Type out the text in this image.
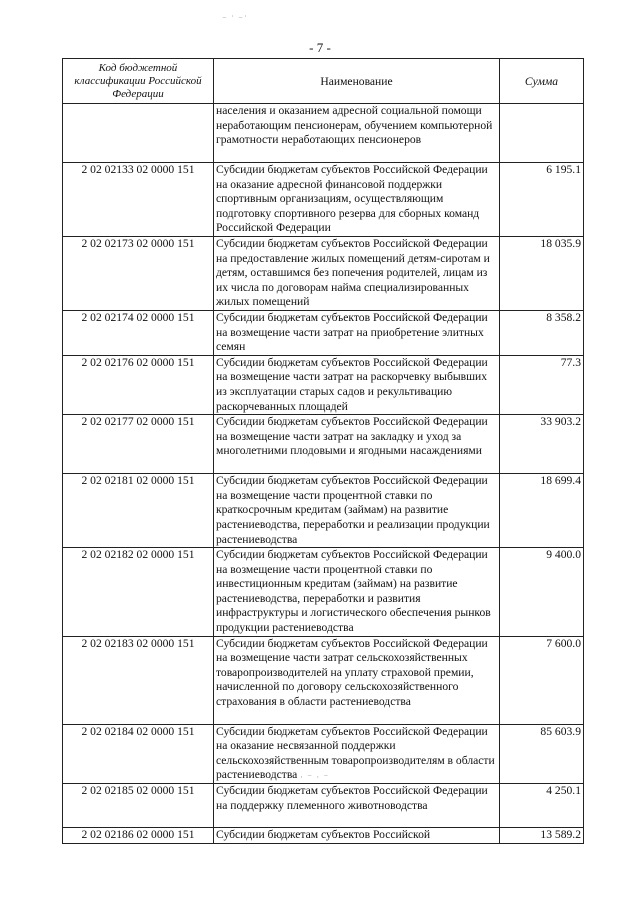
⁻ ˙ ⁻˙
- 7 -
Код бюджетной классификации Российской Федерации	Наименование	Сумма
	населения и оказанием адресной социальной помощи неработающим пенсионерам, обучением компьютерной грамотности неработающих пенсионеров	
2 02 02133 02 0000 151	Субсидии бюджетам субъектов Российской Федерации на оказание адресной финансовой поддержки спортивным организациям, осуществляющим подготовку спортивного резерва для сборных команд Российской Федерации	6 195.1
2 02 02173 02 0000 151	Субсидии бюджетам субъектов Российской Федерации на предоставление жилых помещений детям-сиротам и детям, оставшимся без попечения родителей, лицам из их числа по договорам найма специализированных жилых помещений	18 035.9
2 02 02174 02 0000 151	Субсидии бюджетам субъектов Российской Федерации на возмещение части затрат на приобретение элитных семян	8 358.2
2 02 02176 02 0000 151	Субсидии бюджетам субъектов Российской Федерации на возмещение части затрат на раскорчевку выбывших из эксплуатации старых садов и рекультивацию раскорчеванных площадей	77.3
2 02 02177 02 0000 151	Субсидии бюджетам субъектов Российской Федерации на возмещение части затрат на закладку и уход за многолетними плодовыми и ягодными насаждениями	33 903.2
2 02 02181 02 0000 151	Субсидии бюджетам субъектов Российской Федерации на возмещение части процентной ставки по краткосрочным кредитам (займам) на развитие растениеводства, переработки и реализации продукции растениеводства	18 699.4
2 02 02182 02 0000 151	Субсидии бюджетам субъектов Российской Федерации на возмещение части процентной ставки по инвестиционным кредитам (займам) на развитие растениеводства, переработки и развития инфраструктуры и логистического обеспечения рынков продукции растениеводства	9 400.0
2 02 02183 02 0000 151	Субсидии бюджетам субъектов Российской Федерации на возмещение части затрат сельскохозяйственных товаропроизводителей на уплату страховой премии, начисленной по договору сельскохозяйственного страхования в области растениеводства	7 600.0
2 02 02184 02 0000 151	Субсидии бюджетам субъектов Российской Федерации на оказание несвязанной поддержки сельскохозяйственным товаропроизводителям в области растениеводства	85 603.9
2 02 02185 02 0000 151	Субсидии бюджетам субъектов Российской Федерации на поддержку племенного животноводства	4 250.1
2 02 02186 02 0000 151	Субсидии бюджетам субъектов Российской	13 589.2
· ⁻ · ⁻
